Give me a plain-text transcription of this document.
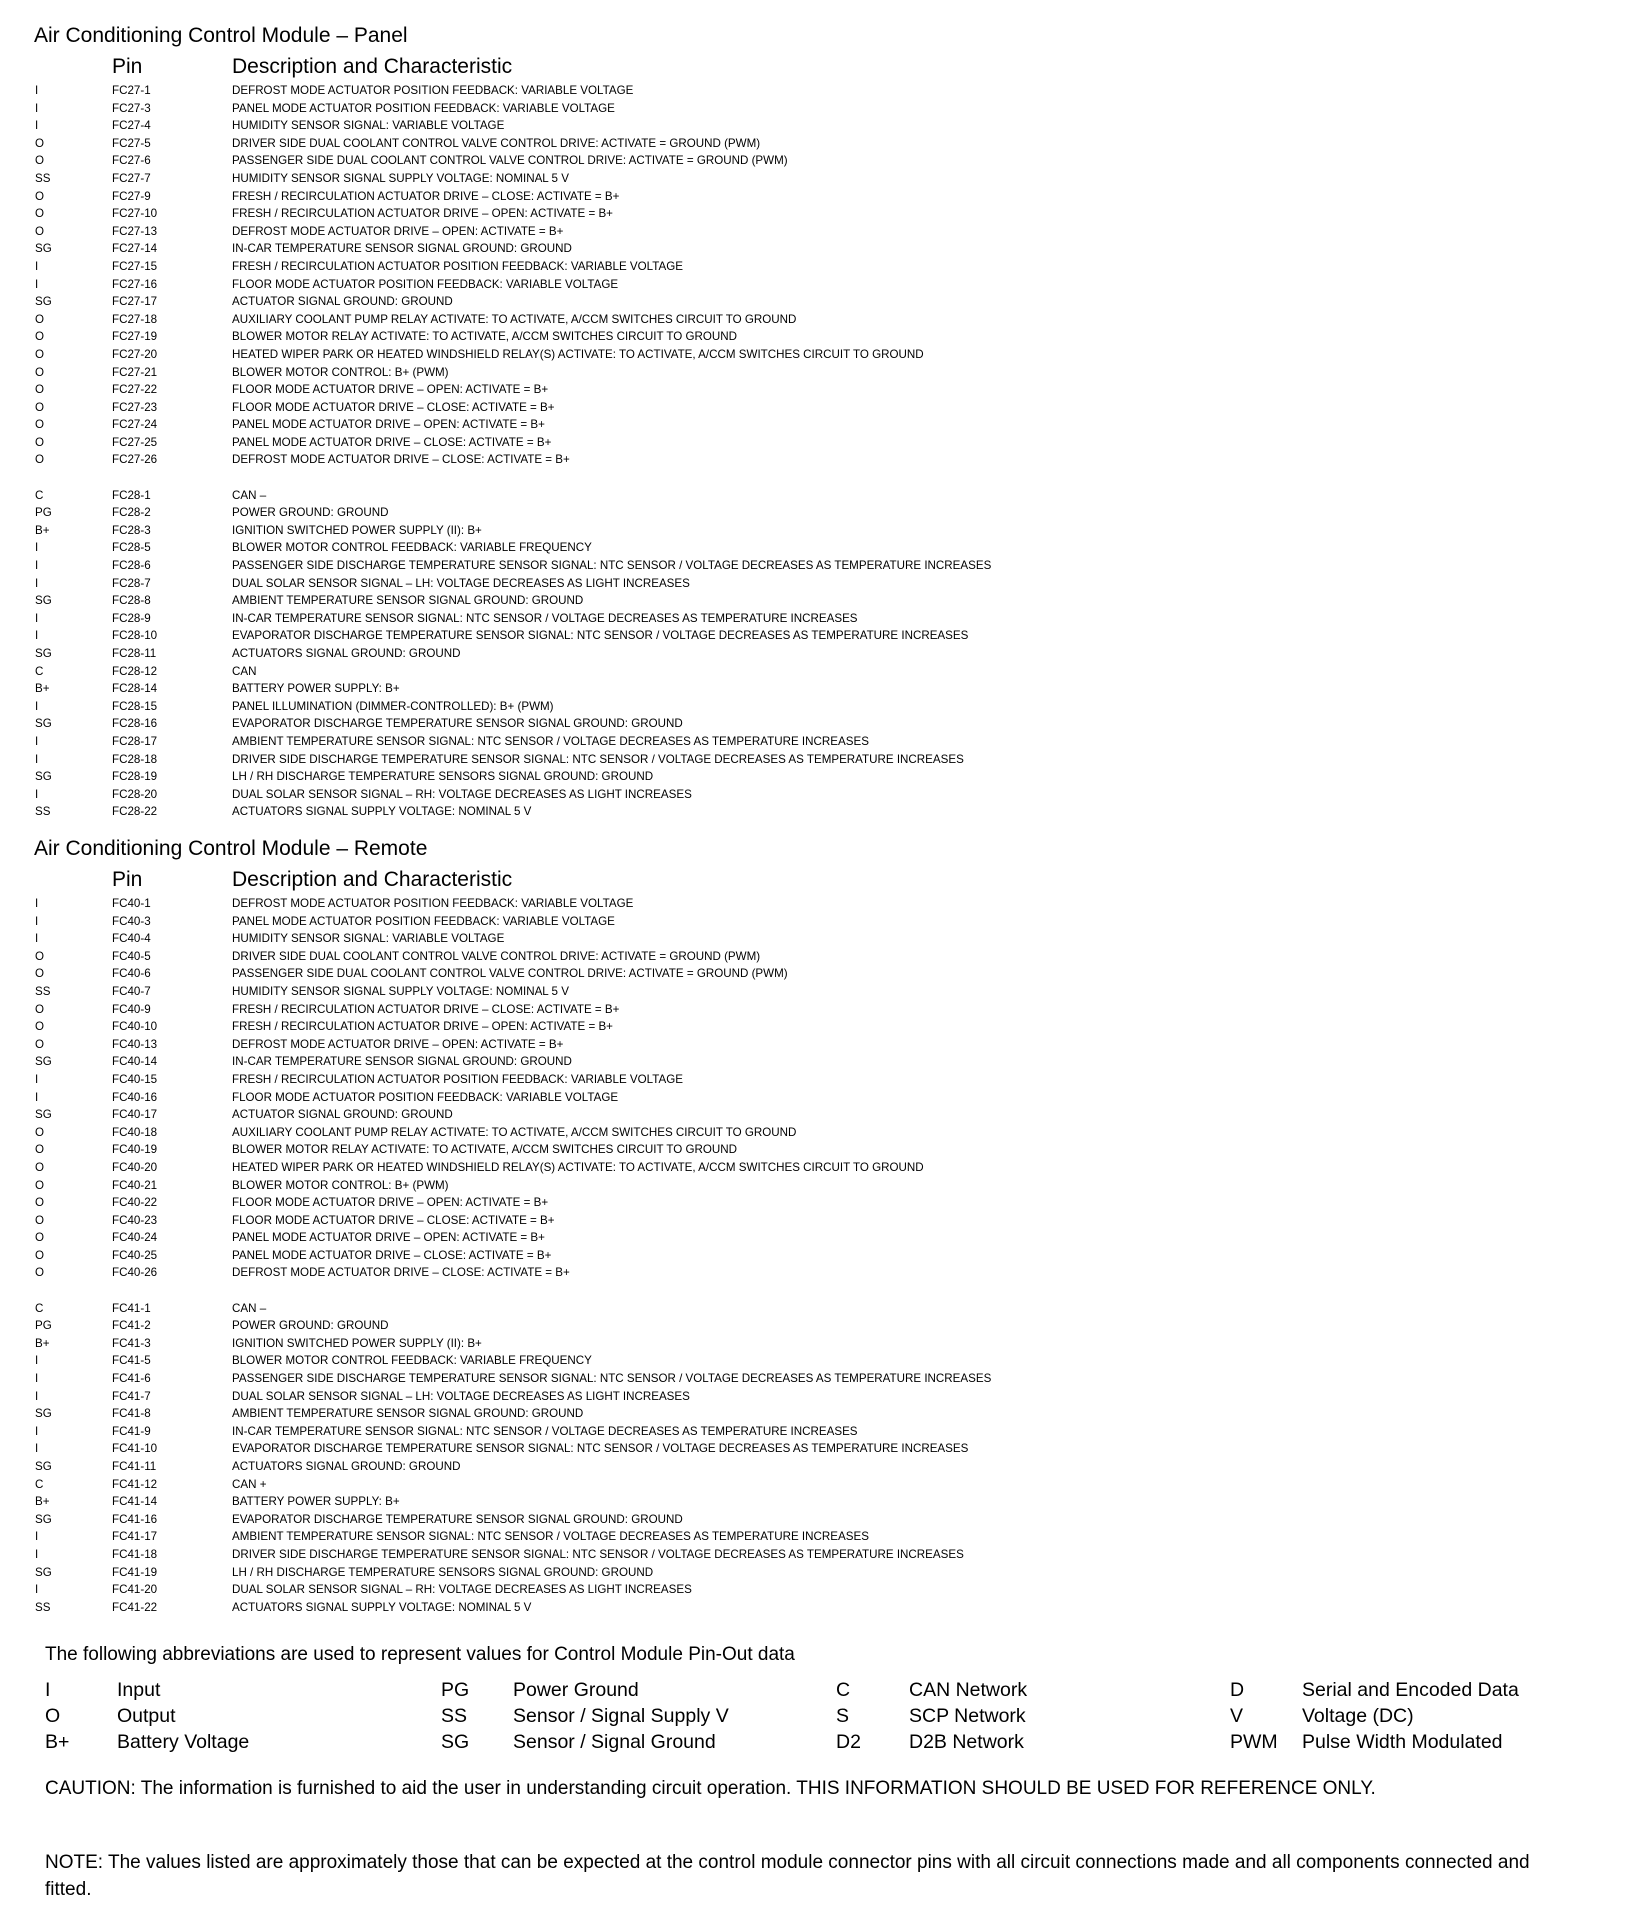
Air Conditioning Control Module – Panel
Pin	Description and Characteristic
I	FC27-1	DEFROST MODE ACTUATOR POSITION FEEDBACK: VARIABLE VOLTAGE
I	FC27-3	PANEL MODE ACTUATOR POSITION FEEDBACK: VARIABLE VOLTAGE
I	FC27-4	HUMIDITY SENSOR SIGNAL: VARIABLE VOLTAGE
O	FC27-5	DRIVER SIDE DUAL COOLANT CONTROL VALVE CONTROL DRIVE: ACTIVATE = GROUND (PWM)
O	FC27-6	PASSENGER SIDE DUAL COOLANT CONTROL VALVE CONTROL DRIVE: ACTIVATE = GROUND (PWM)
SS	FC27-7	HUMIDITY SENSOR SIGNAL SUPPLY VOLTAGE: NOMINAL 5 V
O	FC27-9	FRESH / RECIRCULATION ACTUATOR DRIVE – CLOSE: ACTIVATE = B+
O	FC27-10	FRESH / RECIRCULATION ACTUATOR DRIVE – OPEN: ACTIVATE = B+
O	FC27-13	DEFROST MODE ACTUATOR DRIVE – OPEN: ACTIVATE = B+
SG	FC27-14	IN-CAR TEMPERATURE SENSOR SIGNAL GROUND: GROUND
I	FC27-15	FRESH / RECIRCULATION ACTUATOR POSITION FEEDBACK: VARIABLE VOLTAGE
I	FC27-16	FLOOR MODE ACTUATOR POSITION FEEDBACK: VARIABLE VOLTAGE
SG	FC27-17	ACTUATOR SIGNAL GROUND: GROUND
O	FC27-18	AUXILIARY COOLANT PUMP RELAY ACTIVATE: TO ACTIVATE, A/CCM SWITCHES CIRCUIT TO GROUND
O	FC27-19	BLOWER MOTOR RELAY ACTIVATE: TO ACTIVATE, A/CCM SWITCHES CIRCUIT TO GROUND
O	FC27-20	HEATED WIPER PARK OR HEATED WINDSHIELD RELAY(S) ACTIVATE: TO ACTIVATE, A/CCM SWITCHES CIRCUIT TO GROUND
O	FC27-21	BLOWER MOTOR CONTROL: B+ (PWM)
O	FC27-22	FLOOR MODE ACTUATOR DRIVE – OPEN: ACTIVATE = B+
O	FC27-23	FLOOR MODE ACTUATOR DRIVE – CLOSE: ACTIVATE = B+
O	FC27-24	PANEL MODE ACTUATOR DRIVE – OPEN: ACTIVATE = B+
O	FC27-25	PANEL MODE ACTUATOR DRIVE – CLOSE: ACTIVATE = B+
O	FC27-26	DEFROST MODE ACTUATOR DRIVE – CLOSE: ACTIVATE = B+
C	FC28-1	CAN –
PG	FC28-2	POWER GROUND: GROUND
B+	FC28-3	IGNITION SWITCHED POWER SUPPLY (II): B+
I	FC28-5	BLOWER MOTOR CONTROL FEEDBACK: VARIABLE FREQUENCY
I	FC28-6	PASSENGER SIDE DISCHARGE TEMPERATURE SENSOR SIGNAL: NTC SENSOR / VOLTAGE DECREASES AS TEMPERATURE INCREASES
I	FC28-7	DUAL SOLAR SENSOR SIGNAL – LH: VOLTAGE DECREASES AS LIGHT INCREASES
SG	FC28-8	AMBIENT TEMPERATURE SENSOR SIGNAL GROUND: GROUND
I	FC28-9	IN-CAR TEMPERATURE SENSOR SIGNAL: NTC SENSOR / VOLTAGE DECREASES AS TEMPERATURE INCREASES
I	FC28-10	EVAPORATOR DISCHARGE TEMPERATURE SENSOR SIGNAL: NTC SENSOR / VOLTAGE DECREASES AS TEMPERATURE INCREASES
SG	FC28-11	ACTUATORS SIGNAL GROUND: GROUND
C	FC28-12	CAN
B+	FC28-14	BATTERY POWER SUPPLY: B+
I	FC28-15	PANEL ILLUMINATION (DIMMER-CONTROLLED): B+ (PWM)
SG	FC28-16	EVAPORATOR DISCHARGE TEMPERATURE SENSOR SIGNAL GROUND: GROUND
I	FC28-17	AMBIENT TEMPERATURE SENSOR SIGNAL: NTC SENSOR / VOLTAGE DECREASES AS TEMPERATURE INCREASES
I	FC28-18	DRIVER SIDE DISCHARGE TEMPERATURE SENSOR SIGNAL: NTC SENSOR / VOLTAGE DECREASES AS TEMPERATURE INCREASES
SG	FC28-19	LH / RH DISCHARGE TEMPERATURE SENSORS SIGNAL GROUND: GROUND
I	FC28-20	DUAL SOLAR SENSOR SIGNAL – RH: VOLTAGE DECREASES AS LIGHT INCREASES
SS	FC28-22	ACTUATORS SIGNAL SUPPLY VOLTAGE: NOMINAL 5 V
Air Conditioning Control Module – Remote
Pin	Description and Characteristic
I	FC40-1	DEFROST MODE ACTUATOR POSITION FEEDBACK: VARIABLE VOLTAGE
I	FC40-3	PANEL MODE ACTUATOR POSITION FEEDBACK: VARIABLE VOLTAGE
I	FC40-4	HUMIDITY SENSOR SIGNAL: VARIABLE VOLTAGE
O	FC40-5	DRIVER SIDE DUAL COOLANT CONTROL VALVE CONTROL DRIVE: ACTIVATE = GROUND (PWM)
O	FC40-6	PASSENGER SIDE DUAL COOLANT CONTROL VALVE CONTROL DRIVE: ACTIVATE = GROUND (PWM)
SS	FC40-7	HUMIDITY SENSOR SIGNAL SUPPLY VOLTAGE: NOMINAL 5 V
O	FC40-9	FRESH / RECIRCULATION ACTUATOR DRIVE – CLOSE: ACTIVATE = B+
O	FC40-10	FRESH / RECIRCULATION ACTUATOR DRIVE – OPEN: ACTIVATE = B+
O	FC40-13	DEFROST MODE ACTUATOR DRIVE – OPEN: ACTIVATE = B+
SG	FC40-14	IN-CAR TEMPERATURE SENSOR SIGNAL GROUND: GROUND
I	FC40-15	FRESH / RECIRCULATION ACTUATOR POSITION FEEDBACK: VARIABLE VOLTAGE
I	FC40-16	FLOOR MODE ACTUATOR POSITION FEEDBACK: VARIABLE VOLTAGE
SG	FC40-17	ACTUATOR SIGNAL GROUND: GROUND
O	FC40-18	AUXILIARY COOLANT PUMP RELAY ACTIVATE: TO ACTIVATE, A/CCM SWITCHES CIRCUIT TO GROUND
O	FC40-19	BLOWER MOTOR RELAY ACTIVATE: TO ACTIVATE, A/CCM SWITCHES CIRCUIT TO GROUND
O	FC40-20	HEATED WIPER PARK OR HEATED WINDSHIELD RELAY(S) ACTIVATE: TO ACTIVATE, A/CCM SWITCHES CIRCUIT TO GROUND
O	FC40-21	BLOWER MOTOR CONTROL: B+ (PWM)
O	FC40-22	FLOOR MODE ACTUATOR DRIVE – OPEN: ACTIVATE = B+
O	FC40-23	FLOOR MODE ACTUATOR DRIVE – CLOSE: ACTIVATE = B+
O	FC40-24	PANEL MODE ACTUATOR DRIVE – OPEN: ACTIVATE = B+
O	FC40-25	PANEL MODE ACTUATOR DRIVE – CLOSE: ACTIVATE = B+
O	FC40-26	DEFROST MODE ACTUATOR DRIVE – CLOSE: ACTIVATE = B+
C	FC41-1	CAN –
PG	FC41-2	POWER GROUND: GROUND
B+	FC41-3	IGNITION SWITCHED POWER SUPPLY (II): B+
I	FC41-5	BLOWER MOTOR CONTROL FEEDBACK: VARIABLE FREQUENCY
I	FC41-6	PASSENGER SIDE DISCHARGE TEMPERATURE SENSOR SIGNAL: NTC SENSOR / VOLTAGE DECREASES AS TEMPERATURE INCREASES
I	FC41-7	DUAL SOLAR SENSOR SIGNAL – LH: VOLTAGE DECREASES AS LIGHT INCREASES
SG	FC41-8	AMBIENT TEMPERATURE SENSOR SIGNAL GROUND: GROUND
I	FC41-9	IN-CAR TEMPERATURE SENSOR SIGNAL: NTC SENSOR / VOLTAGE DECREASES AS TEMPERATURE INCREASES
I	FC41-10	EVAPORATOR DISCHARGE TEMPERATURE SENSOR SIGNAL: NTC SENSOR / VOLTAGE DECREASES AS TEMPERATURE INCREASES
SG	FC41-11	ACTUATORS SIGNAL GROUND: GROUND
C	FC41-12	CAN +
B+	FC41-14	BATTERY POWER SUPPLY: B+
SG	FC41-16	EVAPORATOR DISCHARGE TEMPERATURE SENSOR SIGNAL GROUND: GROUND
I	FC41-17	AMBIENT TEMPERATURE SENSOR SIGNAL: NTC SENSOR / VOLTAGE DECREASES AS TEMPERATURE INCREASES
I	FC41-18	DRIVER SIDE DISCHARGE TEMPERATURE SENSOR SIGNAL: NTC SENSOR / VOLTAGE DECREASES AS TEMPERATURE INCREASES
SG	FC41-19	LH / RH DISCHARGE TEMPERATURE SENSORS SIGNAL GROUND: GROUND
I	FC41-20	DUAL SOLAR SENSOR SIGNAL – RH: VOLTAGE DECREASES AS LIGHT INCREASES
SS	FC41-22	ACTUATORS SIGNAL SUPPLY VOLTAGE: NOMINAL 5 V
The following abbreviations are used to represent values for Control Module Pin-Out data
I	Input	PG Power Ground	C	CAN Network	D	Serial and Encoded Data
O	Output	SS Sensor / Signal Supply V	S	SCP Network	V	Voltage (DC)
B+ Battery Voltage	SG Sensor / Signal Ground	D2 D2B Network	PWM Pulse Width Modulated
CAUTION: The information is furnished to aid the user in understanding circuit operation. THIS INFORMATION SHOULD BE USED FOR REFERENCE ONLY.
NOTE: The values listed are approximately those that can be expected at the control module connector pins with all circuit connections made and all components connected and fitted.
